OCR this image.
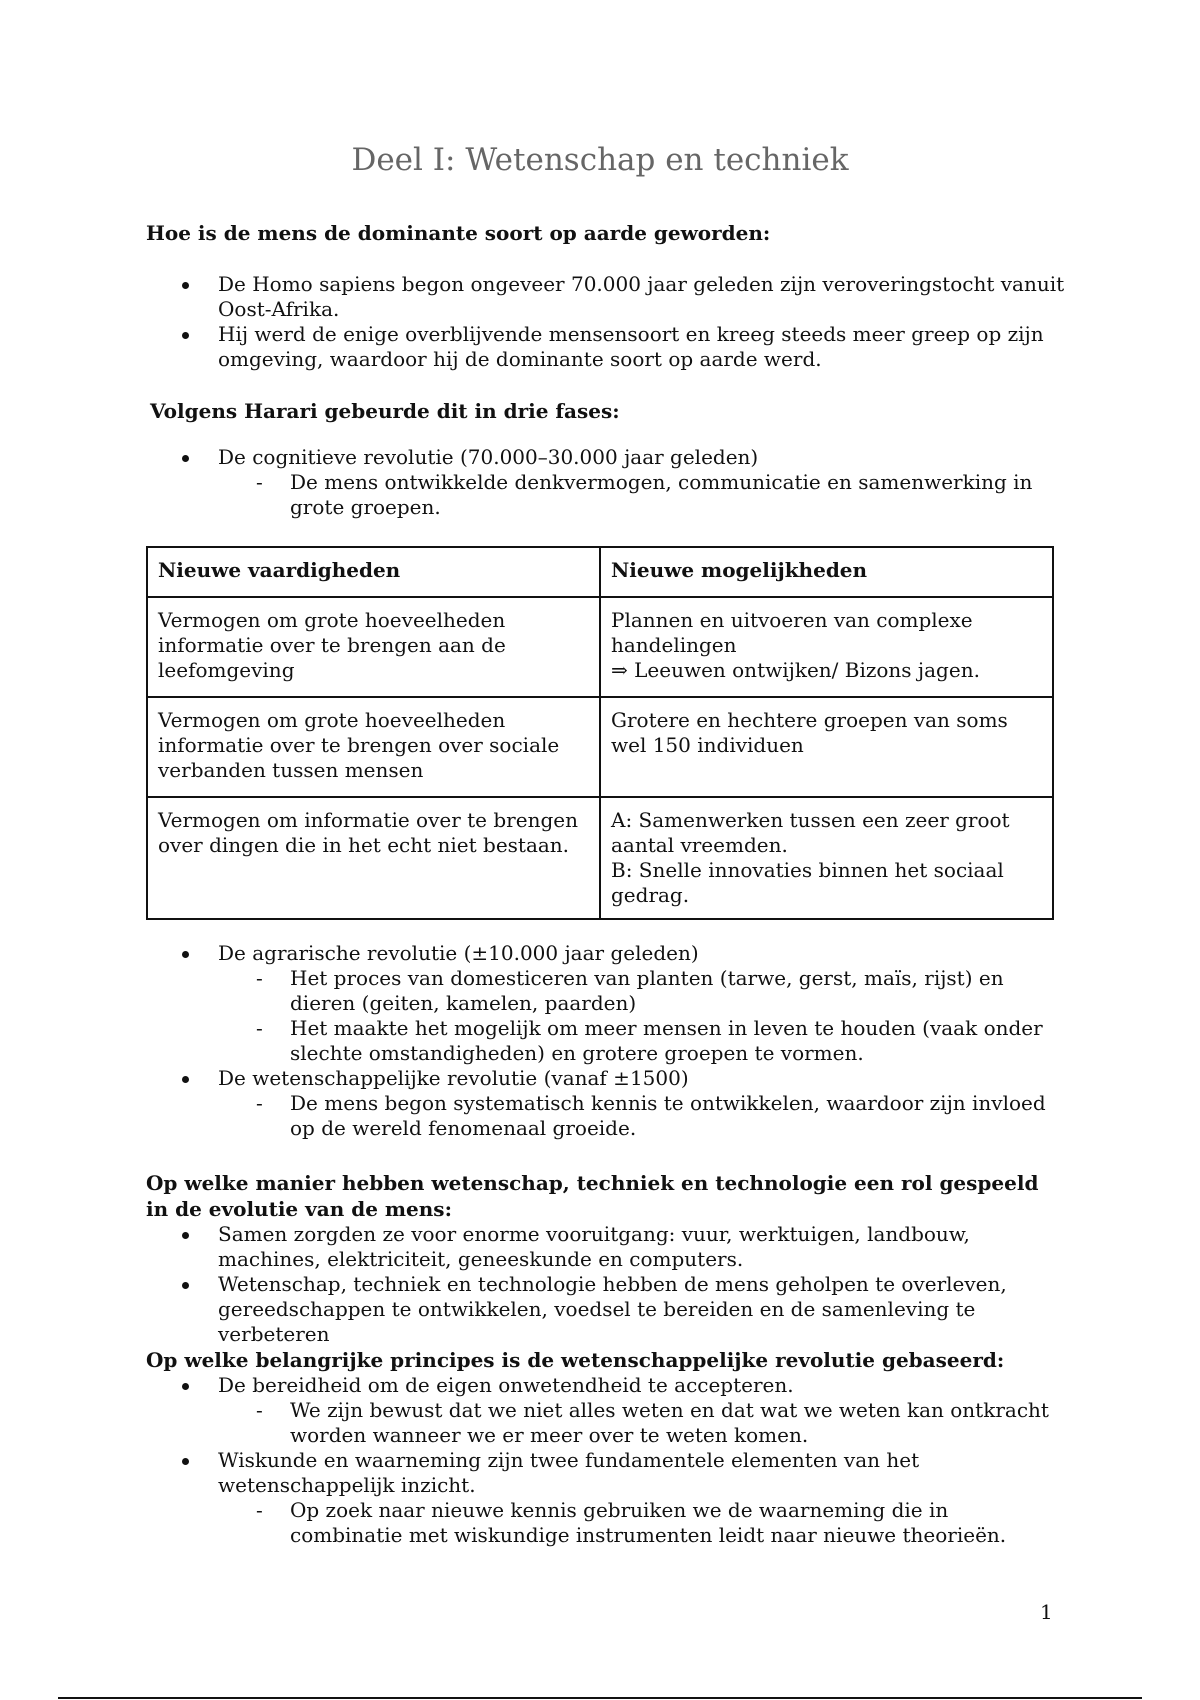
Deel I: Wetenschap en techniek

Hoe is de mens de dominante soort op aarde geworden:

De Homo sapiens begon ongeveer 70.000 jaar geleden zijn veroveringstocht vanuit Oost-Afrika.
Hij werd de enige overblijvende mensensoort en kreeg steeds meer greep op zijn omgeving, waardoor hij de dominante soort op aarde werd.

Volgens Harari gebeurde dit in drie fases:

De cognitieve revolutie (70.000–30.000 jaar geleden)
- De mens ontwikkelde denkvermogen, communicatie en samenwerking in grote groepen.
Nieuwe vaardigheden	Nieuwe mogelijkheden
Vermogen om grote hoeveelheden informatie over te brengen aan de leefomgeving	Plannen en uitvoeren van complexe handelingen
⇒ Leeuwen ontwijken/ Bizons jagen.
Vermogen om grote hoeveelheden informatie over te brengen over sociale verbanden tussen mensen	Grotere en hechtere groepen van soms wel 150 individuen
Vermogen om informatie over te brengen over dingen die in het echt niet bestaan.	A: Samenwerken tussen een zeer groot aantal vreemden.
B: Snelle innovaties binnen het sociaal gedrag.
De agrarische revolutie (±10.000 jaar geleden)
- Het proces van domesticeren van planten (tarwe, gerst, maïs, rijst) en dieren (geiten, kamelen, paarden)
- Het maakte het mogelijk om meer mensen in leven te houden (vaak onder slechte omstandigheden) en grotere groepen te vormen.
De wetenschappelijke revolutie (vanaf ±1500)
- De mens begon systematisch kennis te ontwikkelen, waardoor zijn invloed op de wereld fenomenaal groeide.

Op welke manier hebben wetenschap, techniek en technologie een rol gespeeld in de evolutie van de mens:

Samen zorgden ze voor enorme vooruitgang: vuur, werktuigen, landbouw, machines, elektriciteit, geneeskunde en computers.
Wetenschap, techniek en technologie hebben de mens geholpen te overleven, gereedschappen te ontwikkelen, voedsel te bereiden en de samenleving te verbeteren

Op welke belangrijke principes is de wetenschappelijke revolutie gebaseerd:

De bereidheid om de eigen onwetendheid te accepteren.
- We zijn bewust dat we niet alles weten en dat wat we weten kan ontkracht worden wanneer we er meer over te weten komen.
Wiskunde en waarneming zijn twee fundamentele elementen van het wetenschappelijk inzicht.
- Op zoek naar nieuwe kennis gebruiken we de waarneming die in combinatie met wiskundige instrumenten leidt naar nieuwe theorieën.
1
